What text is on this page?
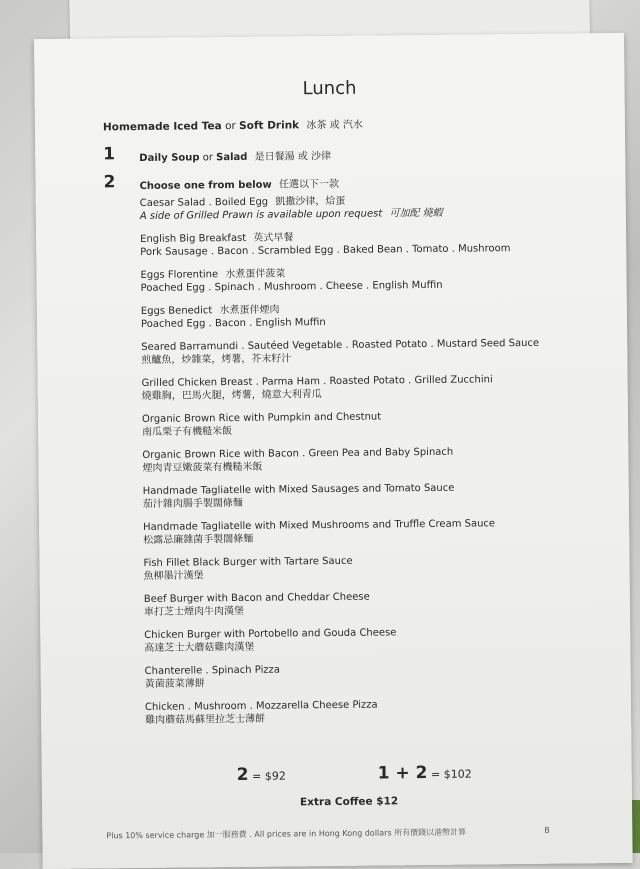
Lunch
Homemade Iced Tea or Soft Drink 冰茶 或 汽水
1 Daily Soup or Salad 是日餐湯 或 沙律
2 Choose one from below 任選以下一款
Caesar Salad . Boiled Egg 凱撒沙律，烚蛋
A side of Grilled Prawn is available upon request 可加配 燒蝦
English Big Breakfast 英式早餐
Pork Sausage . Bacon . Scrambled Egg . Baked Bean . Tomato . Mushroom
Eggs Florentine 水煮蛋伴菠菜
Poached Egg . Spinach . Mushroom . Cheese . English Muffin
Eggs Benedict 水煮蛋伴煙肉
Poached Egg . Bacon . English Muffin
Seared Barramundi . Sautéed Vegetable . Roasted Potato . Mustard Seed Sauce
煎鱸魚，炒雜菜，烤薯，芥末籽汁
Grilled Chicken Breast . Parma Ham . Roasted Potato . Grilled Zucchini
燒雞胸，巴馬火腿，烤薯，燒意大利青瓜
Organic Brown Rice with Pumpkin and Chestnut
南瓜栗子有機糙米飯
Organic Brown Rice with Bacon . Green Pea and Baby Spinach
煙肉青豆嫩菠菜有機糙米飯
Handmade Tagliatelle with Mixed Sausages and Tomato Sauce
茄汁雜肉腸手製闊條麵
Handmade Tagliatelle with Mixed Mushrooms and Truffle Cream Sauce
松露忌廉雜菌手製闊條麵
Fish Fillet Black Burger with Tartare Sauce
魚柳墨汁漢堡
Beef Burger with Bacon and Cheddar Cheese
車打芝士煙肉牛肉漢堡
Chicken Burger with Portobello and Gouda Cheese
高達芝士大蘑菇雞肉漢堡
Chanterelle . Spinach Pizza
黃菌菠菜薄餅
Chicken . Mushroom . Mozzarella Cheese Pizza
雞肉蘑菇馬蘇里拉芝士薄餅
2 = $92	1 + 2 = $102
Extra Coffee $12
Plus 10% service charge 加一服務費 . All prices are in Hong Kong dollars 所有價錢以港幣計算	B
